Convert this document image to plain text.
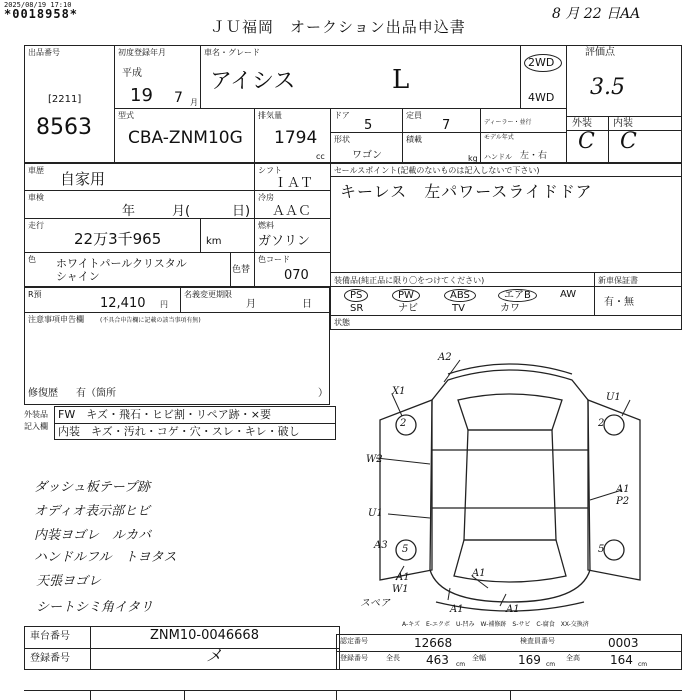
2025/08/19 17:10
*0018958*
ＪＵ福岡　オークション出品申込書
8 月 22 日AA
出品番号
[2211]
8563
初度登録年月
平成
19 7 月
車名・グレード
アイシス	L
2WD
4WD
評価点
3.5
外装 内装
C C
型式
CBA-ZNM10G
排気量
1794
cc
ドア
5
定員
7
形状
ワゴン
積載
kg
ディーラー・並行
モデル年式
ハンドル 左・右
車歴 自家用	シフト
ＩＡＴ
車検
年	月(	日)
冷房
ＡＡＣ
走行
22万3千965	km
燃料
ガソリン
色 ホワイトパールクリスタル
シャイン	色替
色コード
070
セールスポイント(記載のないものは記入しないで下さい)
キーレス　左パワースライドドア
R預
12,410 円
名義変更期限
月	日
注意事項申告欄	(不具合申告欄に記載の該当事項有無)
修復歴 有（箇所	）
装備品(純正品に限り〇をつけてください)	新車保証書
有・無
状態
外装品
記入欄
FW　キズ・飛石・ヒビ割・リペア跡・×要
内装　キズ・汚れ・コゲ・穴・スレ・キレ・破し
A-キズ　E-エクボ　U-凹み　W-補修跡　S-サビ　C-腐食　XX-交換済
車台番号	ZNM10-0046668
登録番号	メ
認定番号	12668	検査員番号	0003
登録番号	全長 463 cm
全幅	169 cm
全高	164 cm
PS	PW	ABS	エアB	AW
SR	ナビ	TV	カワ
ダッシュ板テープ跡
オディオ表示部ヒビ
内装ヨゴレ　ルカバ
ハンドルフル　トヨタス
天張ヨゴレ
シートシミ角イタリ
A2
X1
U1
2	2
W2
A1
P2
U1
A3 5	5
A1
A1	A1
A1
W1
スペア
